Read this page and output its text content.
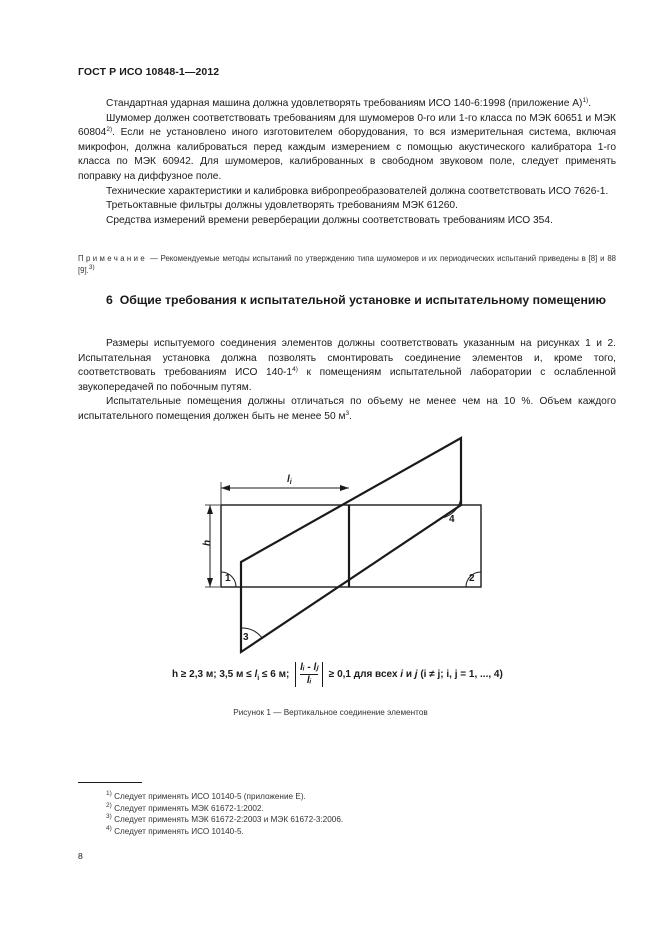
ГОСТ Р ИСО 10848-1—2012

Стандартная ударная машина должна удовлетворять требованиям ИСО 140-6:1998 (приложение А)$^{1)}$.

Шумомер должен соответствовать требованиям для шумомеров 0-го или 1-го класса по МЭК 60651 и МЭК 60804$^{2)}$. Если не установлено иного изготовителем оборудования, то вся измерительная система, включая микрофон, должна калиброваться перед каждым измерением с помощью акустического калибратора 1-го класса по МЭК 60942. Для шумомеров, калиброванных в свободном звуковом поле, следует применять поправку на диффузное поле.

Технические характеристики и калибровка вибропреобразователей должна соответствовать ИСО 7626-1.

Третьоктавные фильтры должны удовлетворять требованиям МЭК 61260.

Средства измерений времени реверберации должны соответствовать требованиям ИСО 354.

Примечание — Рекомендуемые методы испытаний по утверждению типа шумомеров и их периодических испытаний приведены в [8] и 88 [9].$^{3)}$
6 Общие требования к испытательной установке и испытательному помещению

Размеры испытуемого соединения элементов должны соответствовать указанным на рисунках 1 и 2. Испытательная установка должна позволять смонтировать соединение элементов и, кроме того, соответствовать требованиям ИСО 140-1$^{4)}$ к помещениям испытательной лаборатории с ослабленной звукопередачей по побочным путям.

Испытательные помещения должны отличаться по объему не менее чем на 10 %. Объем каждого испытательного помещения должен быть не менее 50 $м^3$.

$l_i$
h
1	2
3
4
h ≥ 2,3 м; 3,5 $м \le l_i \le 6$ м; $\frac{\text{lᵢ - lⱼ}}{\text{lᵢ}} \ge 0,1$ для всех i и j (i ≠ j; i, j = 1, ..., 4)
Рисунок 1 — Вертикальное соединение элементов
$^{1)}$ Следует применять ИСО 10140-5 (приложение Е).
$^{2)}$ Следует применять МЭК 61672-1:2002.
$^{3)}$ Следует применять МЭК 61672-2:2003 и МЭК 61672-3:2006.
$^{4)}$ Следует применять ИСО 10140-5.
8
